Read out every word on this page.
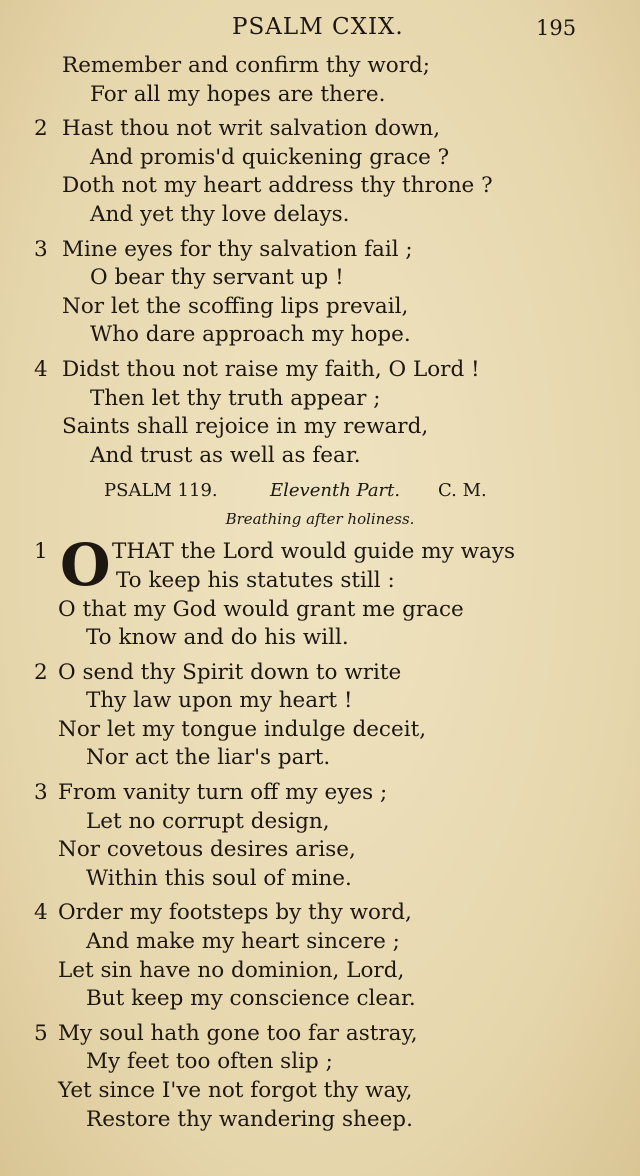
PSALM CXIX.	195
Remember and confirm thy word;
For all my hopes are there.
2 Hast thou not writ salvation down,
And promis'd quickening grace ?
Doth not my heart address thy throne ?
And yet thy love delays.
3 Mine eyes for thy salvation fail ;
O bear thy servant up !
Nor let the scoffing lips prevail,
Who dare approach my hope.
4 Didst thou not raise my faith, O Lord !
Then let thy truth appear ;
Saints shall rejoice in my reward,
And trust as well as fear.
PSALM 119.	Eleventh Part. C. M.
Breathing after holiness.
1 O THAT the Lord would guide my ways
To keep his statutes still :
O that my God would grant me grace
To know and do his will.
2 O send thy Spirit down to write
Thy law upon my heart !
Nor let my tongue indulge deceit,
Nor act the liar's part.
3 From vanity turn off my eyes ;
Let no corrupt design,
Nor covetous desires arise,
Within this soul of mine.
4 Order my footsteps by thy word,
And make my heart sincere ;
Let sin have no dominion, Lord,
But keep my conscience clear.
5 My soul hath gone too far astray,
My feet too often slip ;
Yet since I've not forgot thy way,
Restore thy wandering sheep.
